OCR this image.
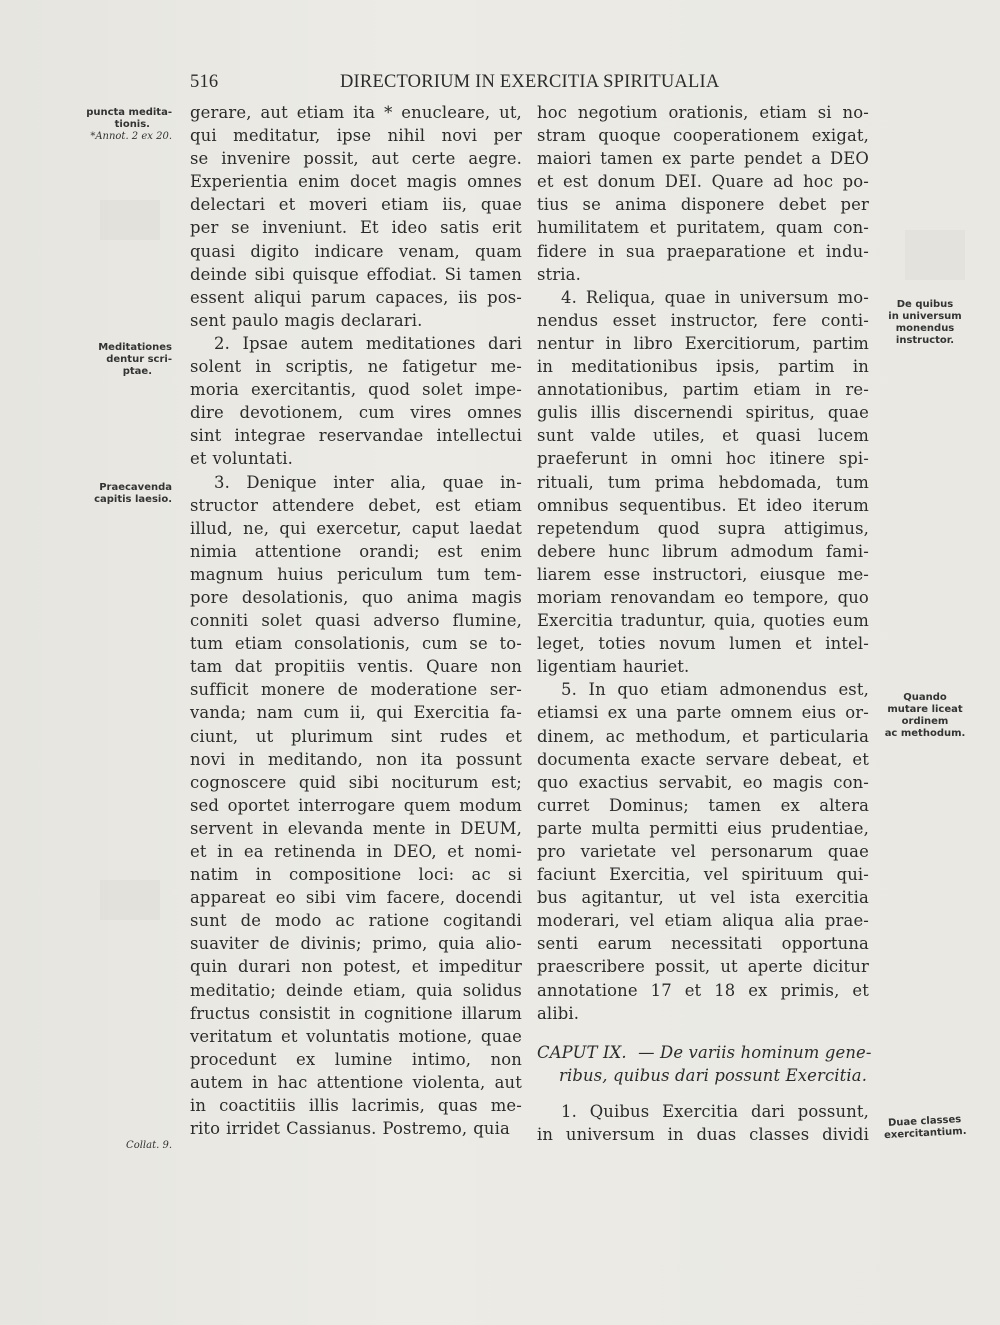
516	DIRECTORIUM IN EXERCITIA SPIRITUALIA
gerare, aut etiam ita * enucleare, ut,
qui meditatur, ipse nihil novi per
se invenire possit, aut certe aegre.
Experientia enim docet magis omnes
delectari et moveri etiam iis, quae
per se inveniunt. Et ideo satis erit
quasi digito indicare venam, quam
deinde sibi quisque effodiat. Si tamen
essent aliqui parum capaces, iis pos-
sent paulo magis declarari.
2. Ipsae autem meditationes dari
solent in scriptis, ne fatigetur me-
moria exercitantis, quod solet impe-
dire devotionem, cum vires omnes
sint integrae reservandae intellectui
et voluntati.
3. Denique inter alia, quae in-
structor attendere debet, est etiam
illud, ne, qui exercetur, caput laedat
nimia attentione orandi; est enim
magnum huius periculum tum tem-
pore desolationis, quo anima magis
conniti solet quasi adverso flumine,
tum etiam consolationis, cum se to-
tam dat propitiis ventis. Quare non
sufficit monere de moderatione ser-
vanda; nam cum ii, qui Exercitia fa-
ciunt, ut plurimum sint rudes et
novi in meditando, non ita possunt
cognoscere quid sibi nociturum est;
sed oportet interrogare quem modum
servent in elevanda mente in DEUM,
et in ea retinenda in DEO, et nomi-
natim in compositione loci: ac si
appareat eo sibi vim facere, docendi
sunt de modo ac ratione cogitandi
suaviter de divinis; primo, quia alio-
quin durari non potest, et impeditur
meditatio; deinde etiam, quia solidus
fructus consistit in cognitione illarum
veritatum et voluntatis motione, quae
procedunt ex lumine intimo, non
autem in hac attentione violenta, aut
in coactitiis illis lacrimis, quas me-
rito irridet Cassianus. Postremo, quia
hoc negotium orationis, etiam si no-
stram quoque cooperationem exigat,
maiori tamen ex parte pendet a DEO
et est donum DEI. Quare ad hoc po-
tius se anima disponere debet per
humilitatem et puritatem, quam con-
fidere in sua praeparatione et indu-
stria.
4. Reliqua, quae in universum mo-
nendus esset instructor, fere conti-
nentur in libro Exercitiorum, partim
in meditationibus ipsis, partim in
annotationibus, partim etiam in re-
gulis illis discernendi spiritus, quae
sunt valde utiles, et quasi lucem
praeferunt in omni hoc itinere spi-
rituali, tum prima hebdomada, tum
omnibus sequentibus. Et ideo iterum
repetendum quod supra attigimus,
debere hunc librum admodum fami-
liarem esse instructori, eiusque me-
moriam renovandam eo tempore, quo
Exercitia traduntur, quia, quoties eum
leget, toties novum lumen et intel-
ligentiam hauriet.
5. In quo etiam admonendus est,
etiamsi ex una parte omnem eius or-
dinem, ac methodum, et particularia
documenta exacte servare debeat, et
quo exactius servabit, eo magis con-
curret Dominus; tamen ex altera
parte multa permitti eius prudentiae,
pro varietate vel personarum quae
faciunt Exercitia, vel spirituum qui-
bus agitantur, ut vel ista exercitia
moderari, vel etiam aliqua alia prae-
senti earum necessitati opportuna
praescribere possit, ut aperte dicitur
annotatione 17 et 18 ex primis, et
alibi.
CAPUT IX. — De variis hominum gene-
ribus, quibus dari possunt Exercitia.
1. Quibus Exercitia dari possunt,
in universum in duas classes dividi
puncta medita-
tionis.
*Annot. 2 ex 20.
Meditationes
dentur scri-
ptae.
Praecavenda
capitis laesio.
Collat. 9.
De quibus
in universum
monendus
instructor.
Quando
mutare liceat
ordinem
ac methodum.
Duae classes
exercitantium.
